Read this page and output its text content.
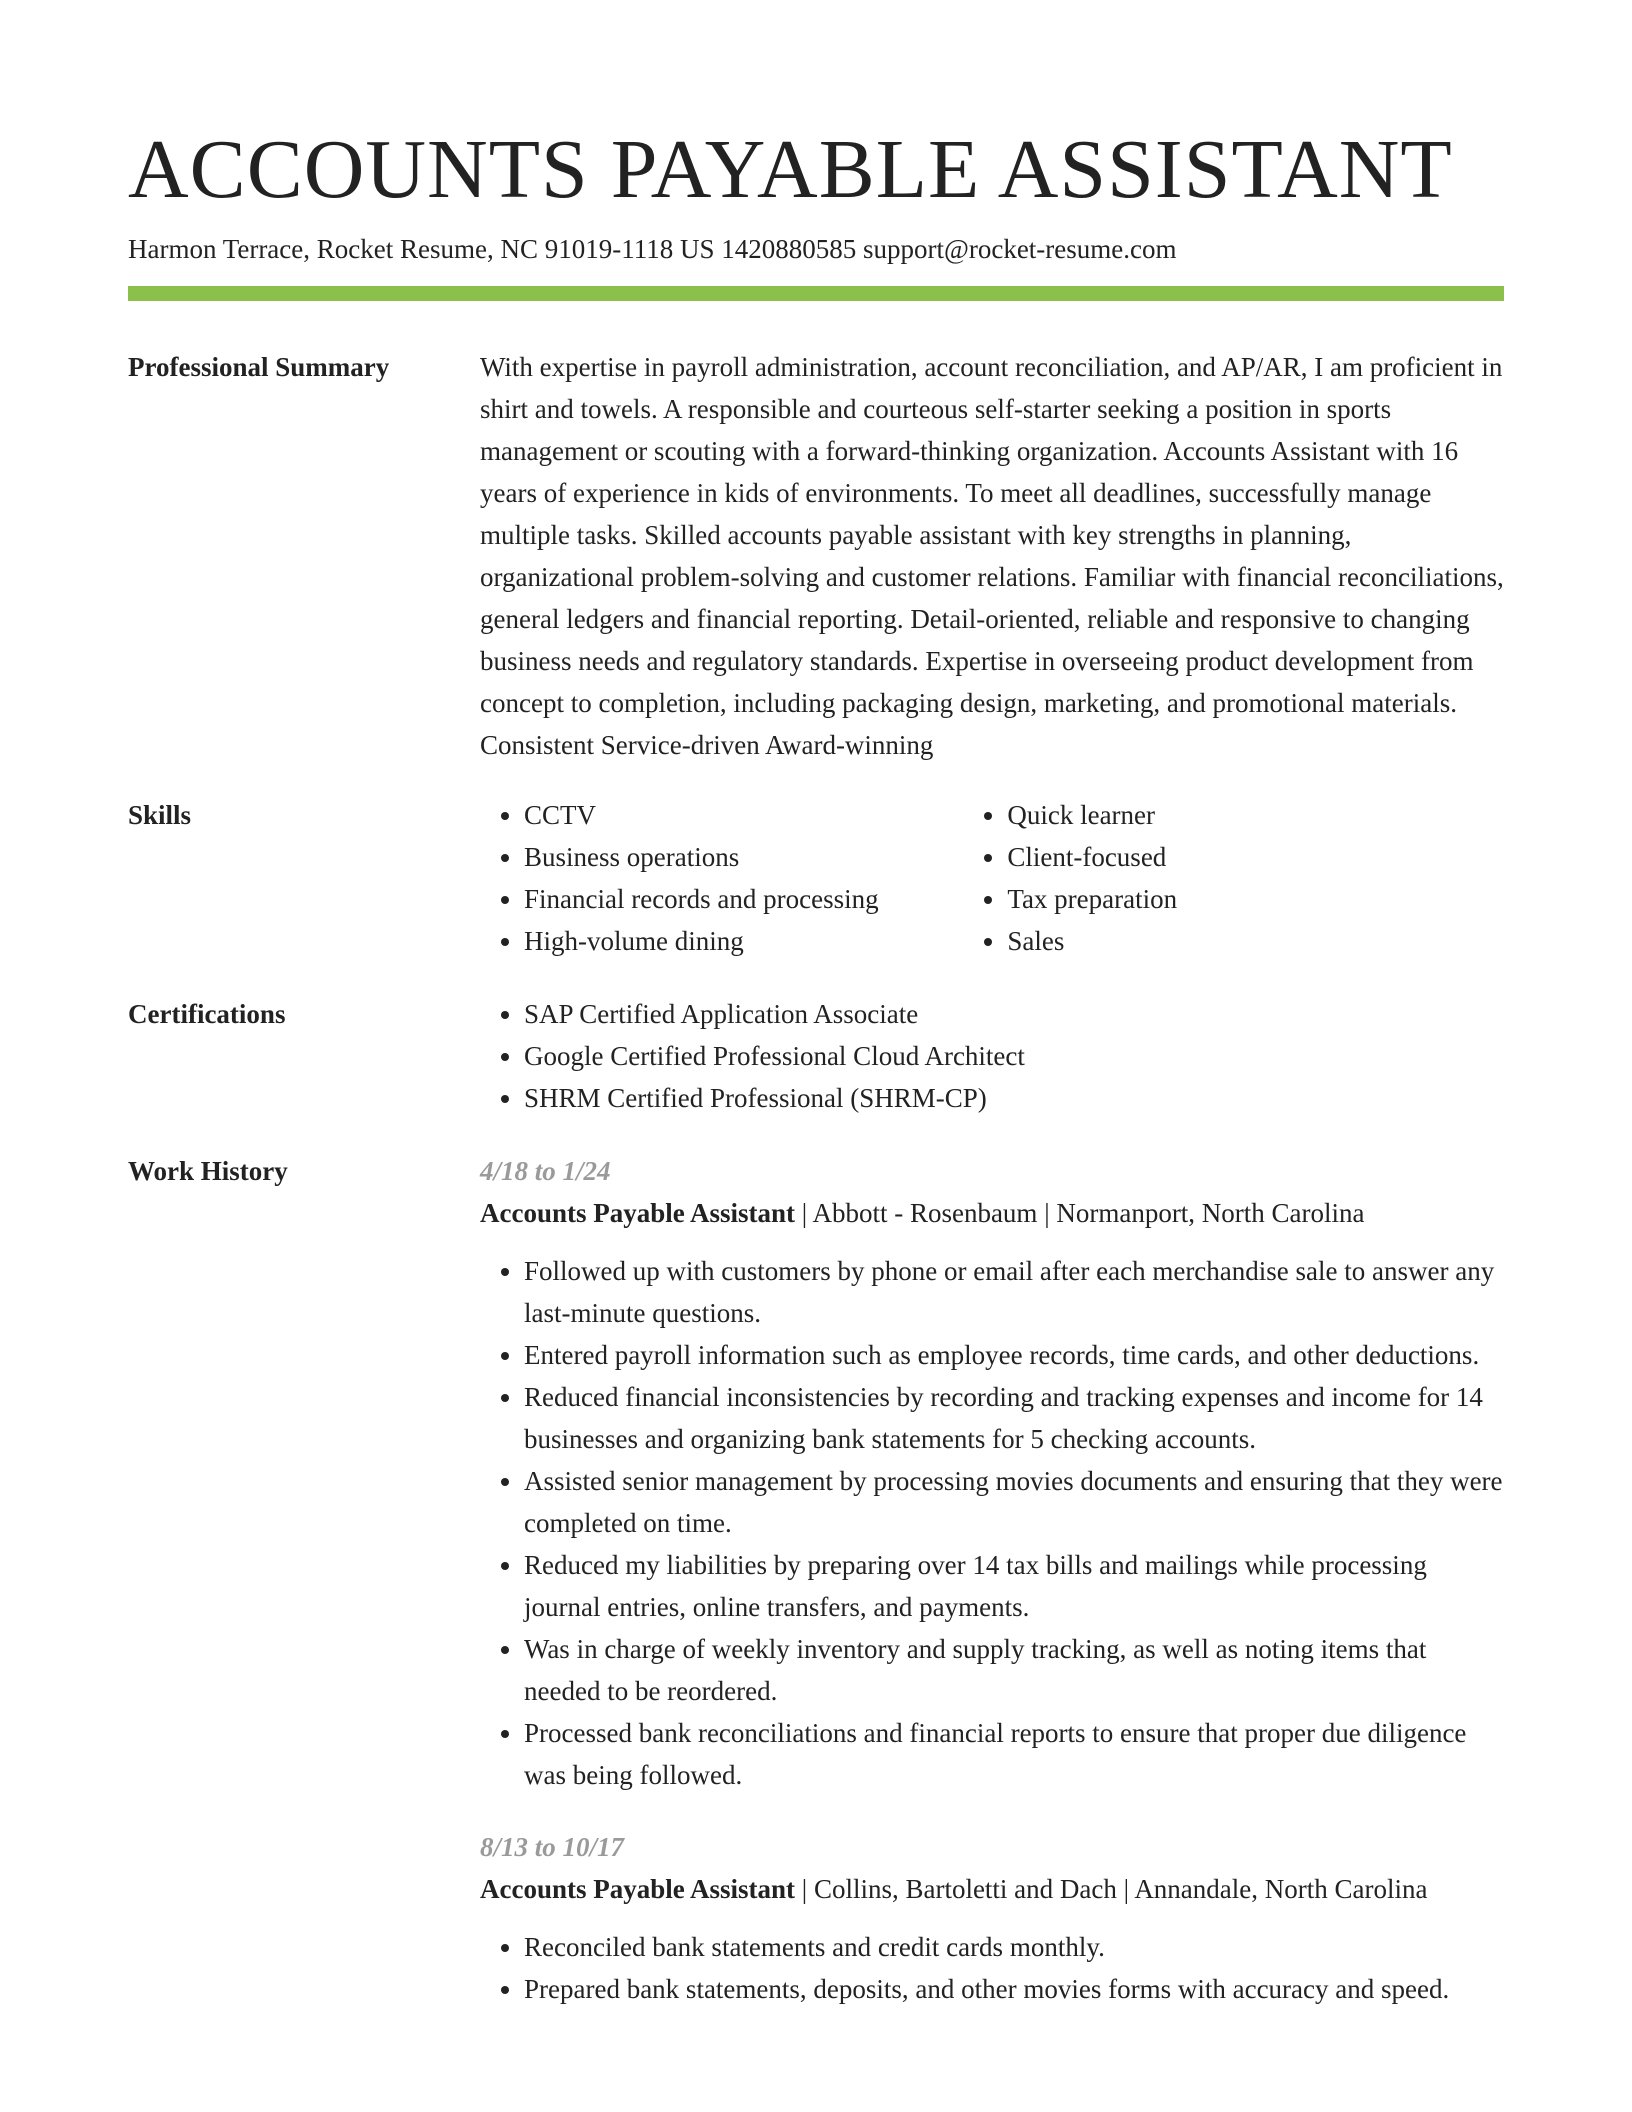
ACCOUNTS PAYABLE ASSISTANT
Harmon Terrace, Rocket Resume, NC 91019-1118 US 1420880585 support@rocket-resume.com
Professional Summary	With expertise in payroll administration, account reconciliation, and AP/AR, I am proficient in shirt and towels. A responsible and courteous self-starter seeking a position in sports management or scouting with a forward-thinking organization. Accounts Assistant with 16 years of experience in kids of environments. To meet all deadlines, successfully manage multiple tasks. Skilled accounts payable assistant with key strengths in planning, organizational problem-solving and customer relations. Familiar with financial reconciliations, general ledgers and financial reporting. Detail-oriented, reliable and responsive to changing business needs and regulatory standards. Expertise in overseeing product development from concept to completion, including packaging design, marketing, and promotional materials. Consistent Service-driven Award-winning

Skills	• CCTV
• Business operations
• Financial records and processing
• High-volume dining
• Quick learner
• Client-focused
• Tax preparation
• Sales
Certifications	• SAP Certified Application Associate
• Google Certified Professional Cloud Architect
• SHRM Certified Professional (SHRM-CP)
Work History	4/18 to 1/24
Accounts Payable Assistant | Abbott - Rosenbaum | Normanport, North Carolina
• Followed up with customers by phone or email after each merchandise sale to answer any last-minute questions.
• Entered payroll information such as employee records, time cards, and other deductions.
• Reduced financial inconsistencies by recording and tracking expenses and income for 14 businesses and organizing bank statements for 5 checking accounts.
• Assisted senior management by processing movies documents and ensuring that they were completed on time.
• Reduced my liabilities by preparing over 14 tax bills and mailings while processing journal entries, online transfers, and payments.
• Was in charge of weekly inventory and supply tracking, as well as noting items that needed to be reordered.
• Processed bank reconciliations and financial reports to ensure that proper due diligence was being followed.
8/13 to 10/17
Accounts Payable Assistant | Collins, Bartoletti and Dach | Annandale, North Carolina
• Reconciled bank statements and credit cards monthly.
• Prepared bank statements, deposits, and other movies forms with accuracy and speed.
